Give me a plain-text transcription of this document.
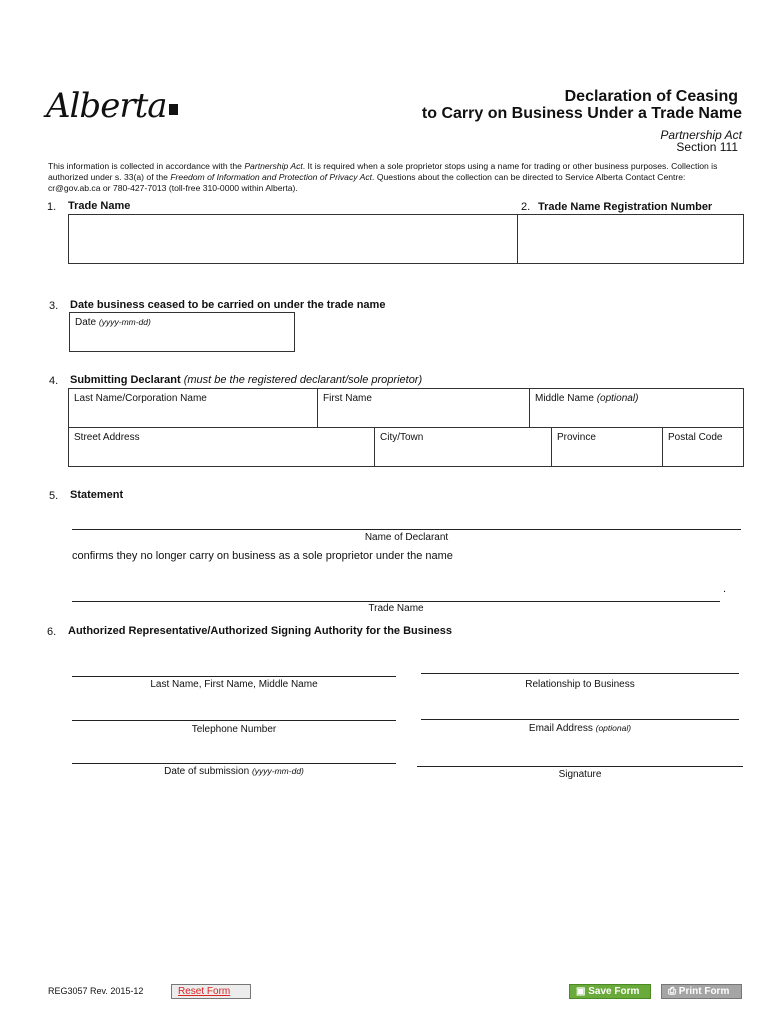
Alberta	Declaration of Ceasing
to Carry on Business Under a Trade Name
Partnership Act
Section 111
This information is collected in accordance with the Partnership Act. It is required when a sole proprietor stops using a name for trading or other business purposes. Collection is authorized under s. 33(a) of the Freedom of Information and Protection of Privacy Act. Questions about the collection can be directed to Service Alberta Contact Centre: cr@gov.ab.ca or 780-427-7013 (toll-free 310-0000 within Alberta).
1. Trade Name	2. Trade Name Registration Number
3. Date business ceased to be carried on under the trade name
Date (yyyy-mm-dd)
4. Submitting Declarant (must be the registered declarant/sole proprietor)
Last Name/Corporation Name	First Name	Middle Name (optional)
Street Address	City/Town	Province	Postal Code
5. Statement
Name of Declarant
confirms they no longer carry on business as a sole proprietor under the name
.
Trade Name
6. Authorized Representative/Authorized Signing Authority for the Business
Last Name, First Name, Middle Name	Relationship to Business
Telephone Number	Email Address (optional)
Date of submission (yyyy-mm-dd)	Signature
REG3057 Rev. 2015-12	Reset Form	▣ Save Form	⎙ Print Form
